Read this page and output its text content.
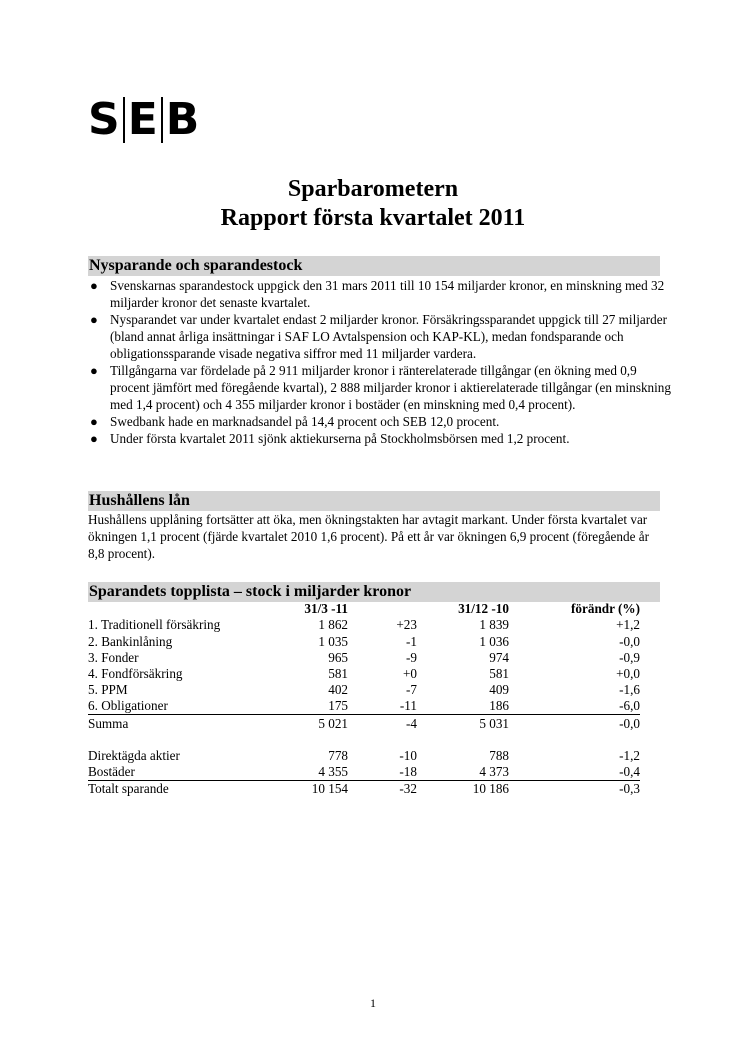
S E B
Sparbarometern
Rapport första kvartalet 2011
Nysparande och sparandestock
● Svenskarnas sparandestock uppgick den 31 mars 2011 till 10 154 miljarder kronor, en minskning med 32 miljarder kronor det senaste kvartalet.
● Nysparandet var under kvartalet endast 2 miljarder kronor. Försäkringssparandet uppgick till 27 miljarder (bland annat årliga insättningar i SAF LO Avtalspension och KAP-KL), medan fondsparande och obligationssparande visade negativa siffror med 11 miljarder vardera.
● Tillgångarna var fördelade på 2 911 miljarder kronor i ränterelaterade tillgångar (en ökning med 0,9 procent jämfört med föregående kvartal), 2 888 miljarder kronor i aktierelaterade tillgångar (en minskning med 1,4 procent) och 4 355 miljarder kronor i bostäder (en minskning med 0,4 procent).
● Swedbank hade en marknadsandel på 14,4 procent och SEB 12,0 procent.
● Under första kvartalet 2011 sjönk aktiekurserna på Stockholmsbörsen med 1,2 procent.
Hushållens lån

Hushållens upplåning fortsätter att öka, men ökningstakten har avtagit markant. Under första kvartalet var ökningen 1,1 procent (fjärde kvartalet 2010 1,6 procent). På ett år var ökningen 6,9 procent (föregående år 8,8 procent).

Sparandets topplista – stock i miljarder kronor
	31/3 -11		31/12 -10	förändr (%)
1. Traditionell försäkring	1 862	+23	1 839	+1,2
2. Bankinlåning	1 035	-1	1 036	-0,0
3. Fonder	965	-9	974	-0,9
4. Fondförsäkring	581	+0	581	+0,0
5. PPM	402	-7	409	-1,6
6. Obligationer	175	-11	186	-6,0
Summa	5 021	-4	5 031	-0,0

Direktägda aktier	778	-10	788	-1,2
Bostäder	4 355	-18	4 373	-0,4
Totalt sparande	10 154	-32	10 186	-0,3
1
